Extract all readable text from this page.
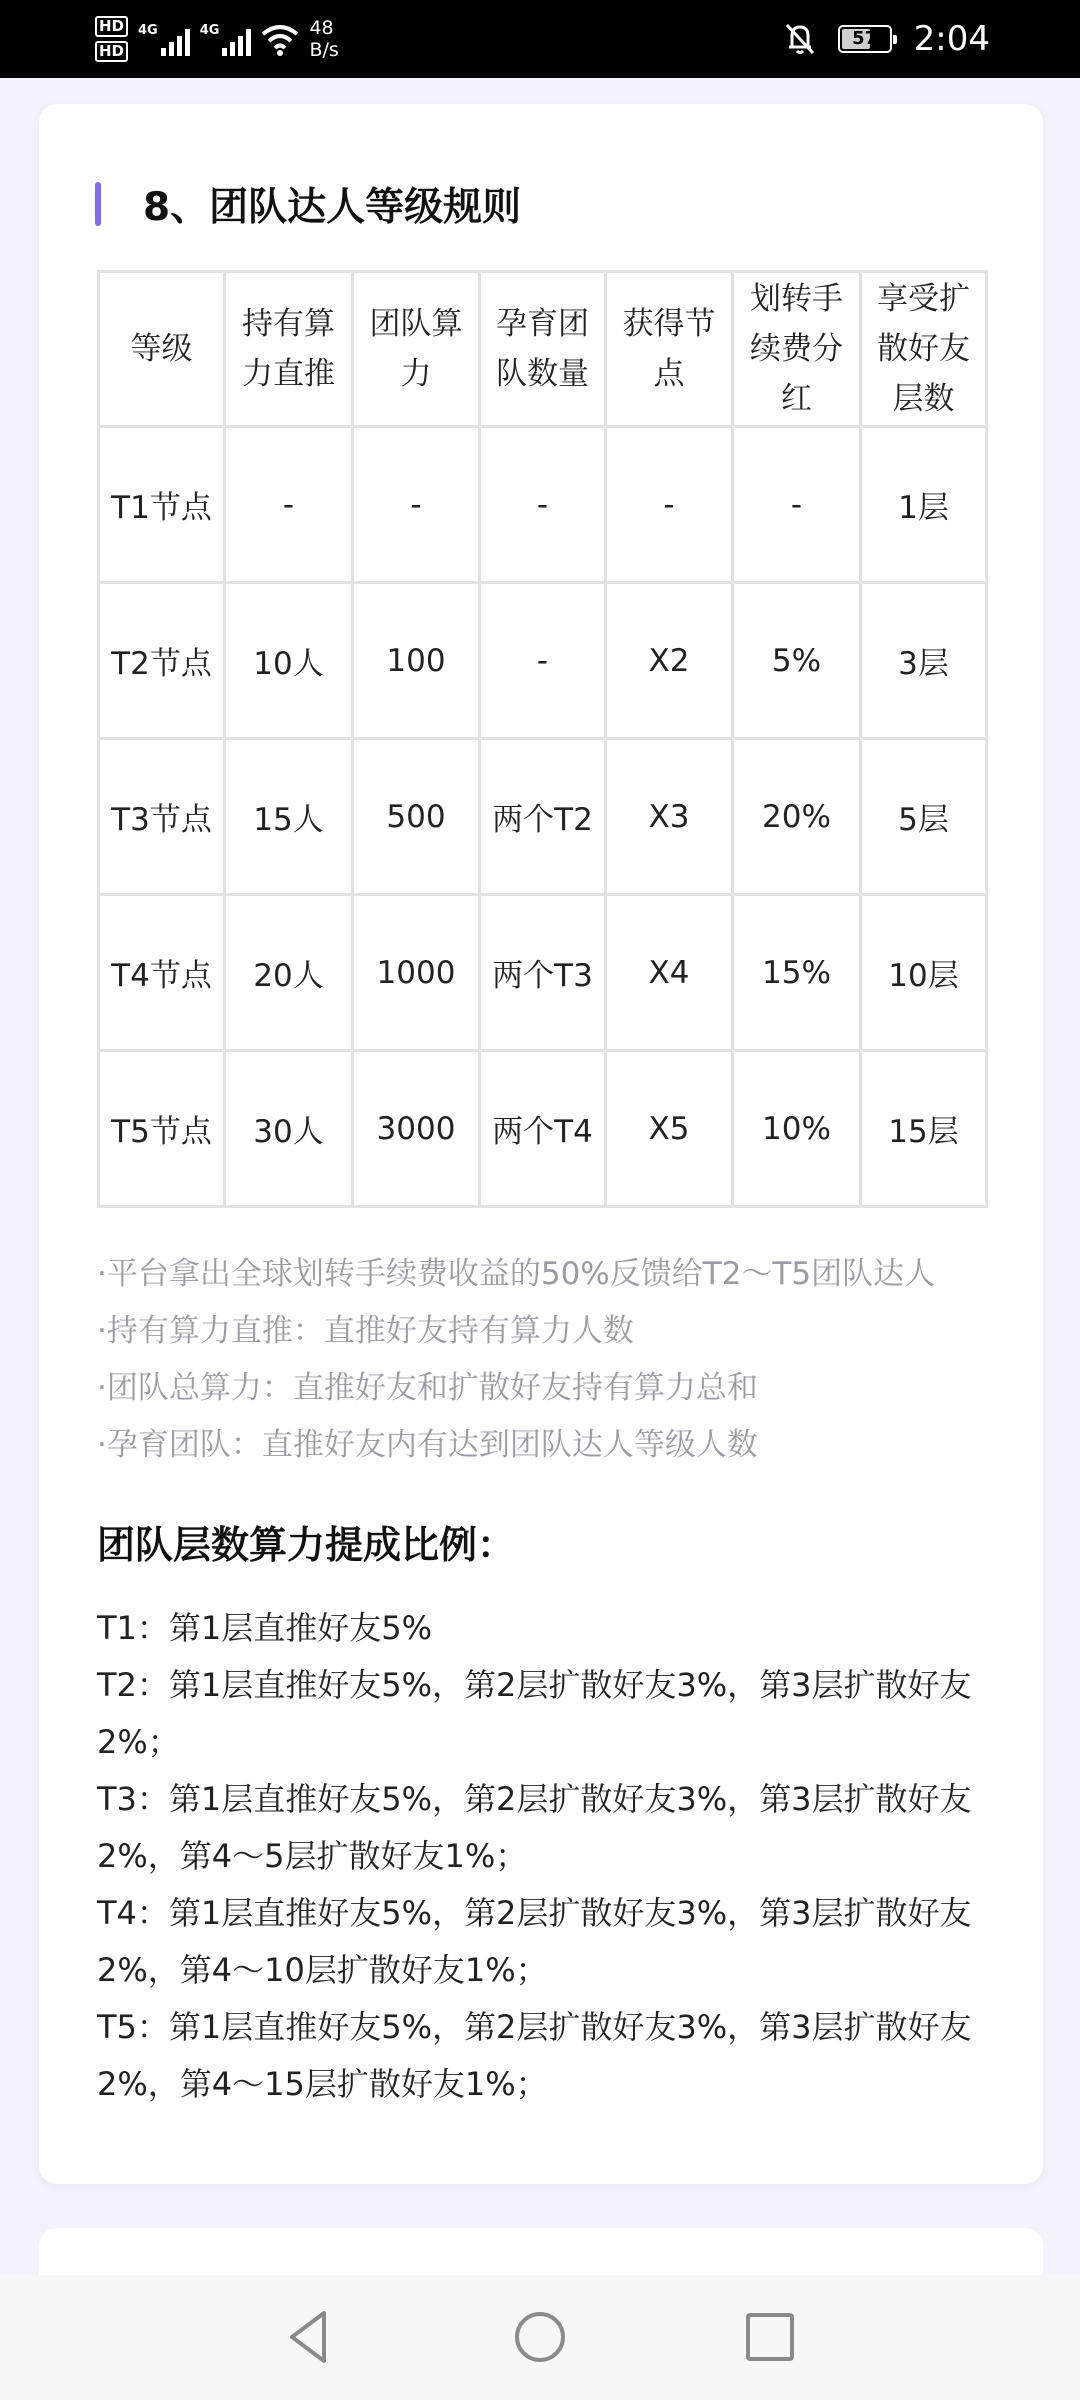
HD
HD
4G	4G	48
B/s
57	2:04
8、团队达人等级规则
等级	持有算力直推	团队算力	孕育团队数量	获得节点	划转手续费分红	享受扩散好友层数
T1节点	-	-	-	-	-	1层
T2节点	10人	100	-	X2	5%	3层
T3节点	15人	500	两个T2	X3	20%	5层
T4节点	20人	1000	两个T3	X4	15%	10层
T5节点	30人	3000	两个T4	X5	10%	15层
·平台拿出全球划转手续费收益的50%反馈给T2～T5团队达人
·持有算力直推：直推好友持有算力人数
·团队总算力：直推好友和扩散好友持有算力总和
·孕育团队：直推好友内有达到团队达人等级人数
团队层数算力提成比例：
T1：第1层直推好友5%
T2：第1层直推好友5%，第2层扩散好友3%，第3层扩散好友2%；
T3：第1层直推好友5%，第2层扩散好友3%，第3层扩散好友2%，第4～5层扩散好友1%；
T4：第1层直推好友5%，第2层扩散好友3%，第3层扩散好友2%，第4～10层扩散好友1%；
T5：第1层直推好友5%，第2层扩散好友3%，第3层扩散好友2%，第4～15层扩散好友1%；
